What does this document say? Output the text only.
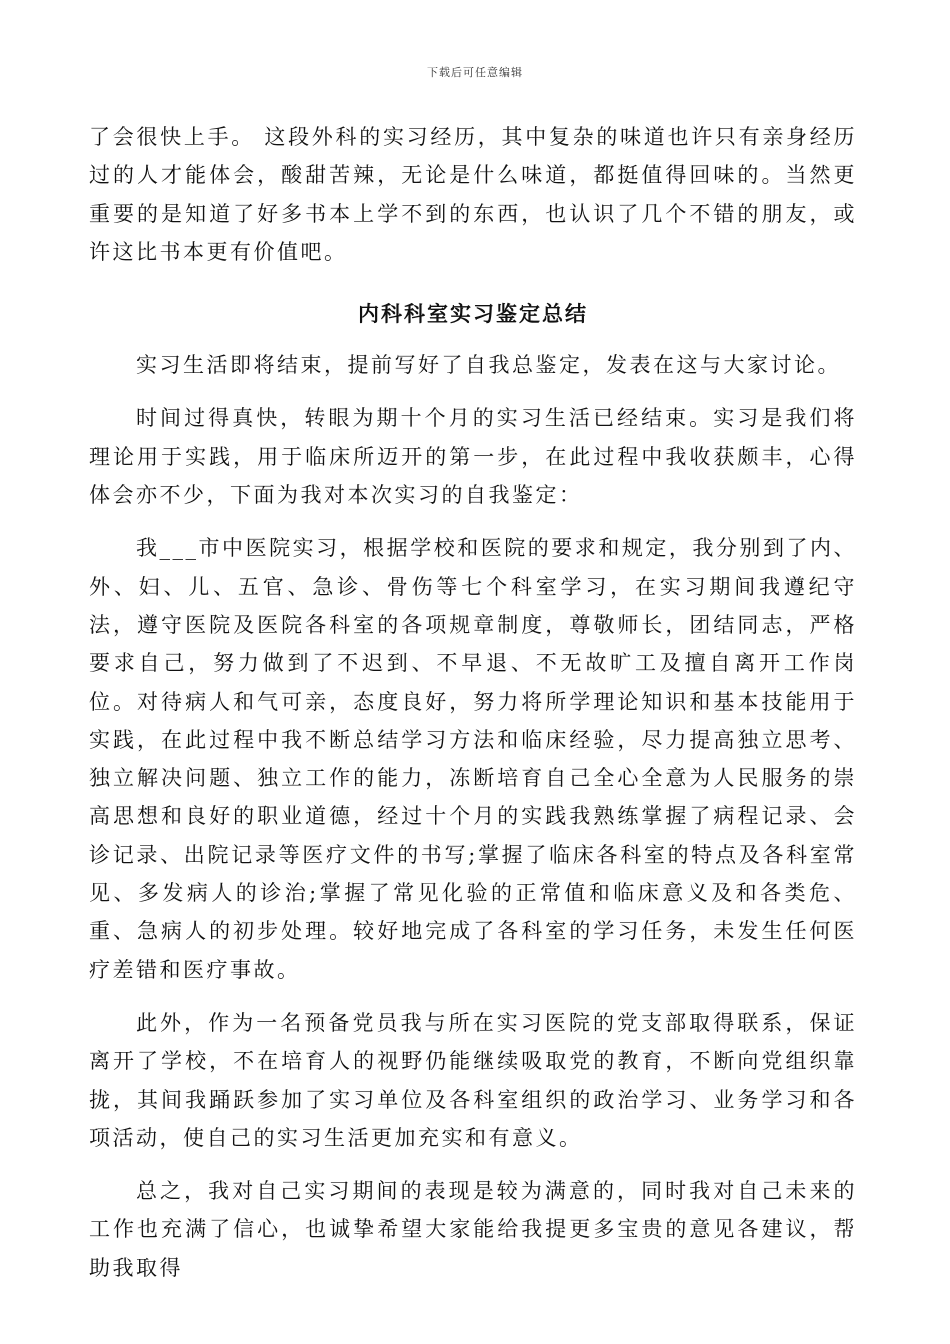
下载后可任意编辑

了会很快上手。 这段外科的实习经历，其中复杂的味道也许只有亲身经历过的人才能体会，酸甜苦辣，无论是什么味道，都挺值得回味的。当然更重要的是知道了好多书本上学不到的东西，也认识了几个不错的朋友，或许这比书本更有价值吧。

内科科室实习鉴定总结

实习生活即将结束，提前写好了自我总鉴定，发表在这与大家讨论。

时间过得真快，转眼为期十个月的实习生活已经结束。实习是我们将理论用于实践，用于临床所迈开的第一步，在此过程中我收获颇丰，心得体会亦不少，下面为我对本次实习的自我鉴定：

我___市中医院实习，根据学校和医院的要求和规定，我分别到了内、外、妇、儿、五官、急诊、骨伤等七个科室学习，在实习期间我遵纪守法，遵守医院及医院各科室的各项规章制度，尊敬师长，团结同志，严格要求自己，努力做到了不迟到、不早退、不无故旷工及擅自离开工作岗位。对待病人和气可亲，态度良好，努力将所学理论知识和基本技能用于实践，在此过程中我不断总结学习方法和临床经验，尽力提高独立思考、独立解决问题、独立工作的能力，冻断培育自己全心全意为人民服务的崇高思想和良好的职业道德，经过十个月的实践我熟练掌握了病程记录、会诊记录、出院记录等医疗文件的书写;掌握了临床各科室的特点及各科室常见、多发病人的诊治;掌握了常见化验的正常值和临床意义及和各类危、重、急病人的初步处理。较好地完成了各科室的学习任务，未发生任何医疗差错和医疗事故。

此外，作为一名预备党员我与所在实习医院的党支部取得联系，保证离开了学校，不在培育人的视野仍能继续吸取党的教育，不断向党组织靠拢，其间我踊跃参加了实习单位及各科室组织的政治学习、业务学习和各项活动，使自己的实习生活更加充实和有意义。

总之，我对自己实习期间的表现是较为满意的，同时我对自己未来的工作也充满了信心，也诚挚希望大家能给我提更多宝贵的意见各建议，帮助我取得
